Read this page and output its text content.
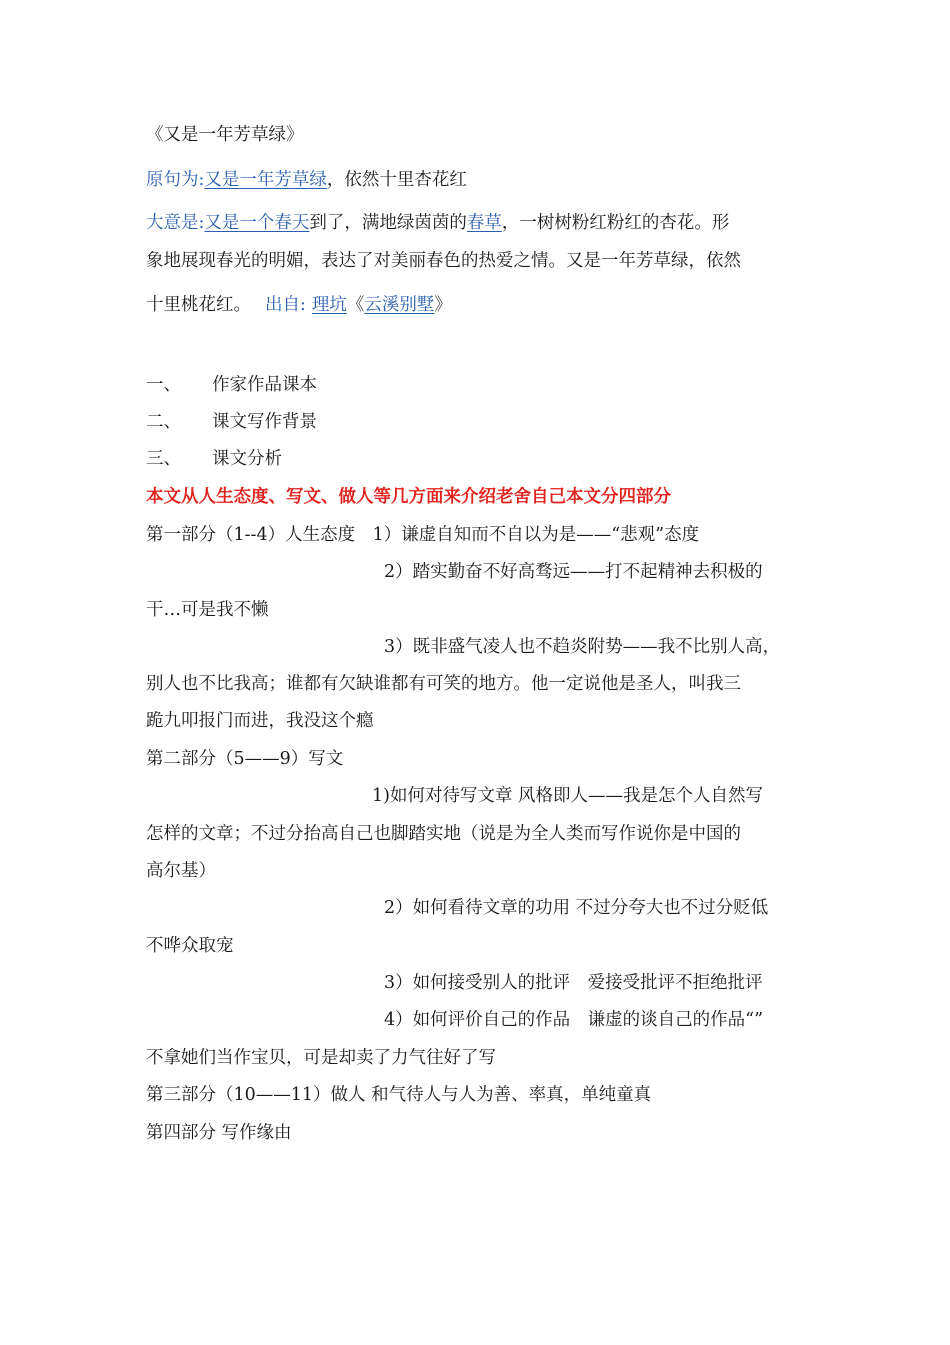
《又是一年芳草绿》
原句为:又是一年芳草绿，依然十里杏花红
大意是:又是一个春天到了，满地绿茵茵的春草，一树树粉红粉红的杏花。形
象地展现春光的明媚，表达了对美丽春色的热爱之情。又是一年芳草绿，依然
十里桃花红。 出自: 理坑《云溪别墅》
一、 作家作品课本
二、 课文写作背景
三、 课文分析
本文从人生态度、写文、做人等几方面来介绍老舍自己本文分四部分
第一部分（1--4）人生态度　1）谦虚自知而不自以为是——“悲观”态度
2）踏实勤奋不好高骛远——打不起精神去积极的
干…可是我不懒
3）既非盛气凌人也不趋炎附势——我不比别人高，
别人也不比我高；谁都有欠缺谁都有可笑的地方。他一定说他是圣人，叫我三
跪九叩报门而进，我没这个瘾
第二部分（5——9）写文
1)如何对待写文章 风格即人——我是怎个人自然写
怎样的文章；不过分抬高自己也脚踏实地（说是为全人类而写作说你是中国的
高尔基）
2）如何看待文章的功用 不过分夸大也不过分贬低
不哗众取宠
3）如何接受别人的批评　爱接受批评不拒绝批评
4）如何评价自己的作品　谦虚的谈自己的作品“”
不拿她们当作宝贝，可是却卖了力气往好了写
第三部分（10——11）做人 和气待人与人为善、率真，单纯童真
第四部分 写作缘由
